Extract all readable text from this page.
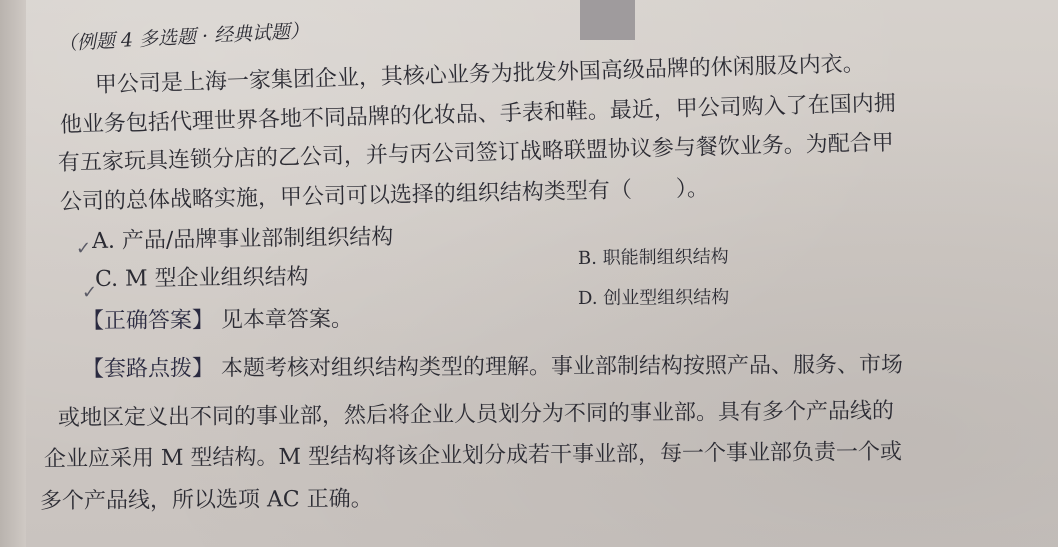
（例题 4 多选题 · 经典试题）
甲公司是上海一家集团企业，其核心业务为批发外国高级品牌的休闲服及内衣。
他业务包括代理世界各地不同品牌的化妆品、手表和鞋。最近，甲公司购入了在国内拥
有五家玩具连锁分店的乙公司，并与丙公司签订战略联盟协议参与餐饮业务。为配合甲
公司的总体战略实施，甲公司可以选择的组织结构类型有（　　）。
✓ A. 产品/品牌事业部制组织结构
B. 职能制组织结构
✓
C. M 型企业组织结构
D. 创业型组织结构
【正确答案】 见本章答案。
【套路点拨】 本题考核对组织结构类型的理解。事业部制结构按照产品、服务、市场
或地区定义出不同的事业部，然后将企业人员划分为不同的事业部。具有多个产品线的
企业应采用 M 型结构。M 型结构将该企业划分成若干事业部，每一个事业部负责一个或
多个产品线，所以选项 AC 正确。
